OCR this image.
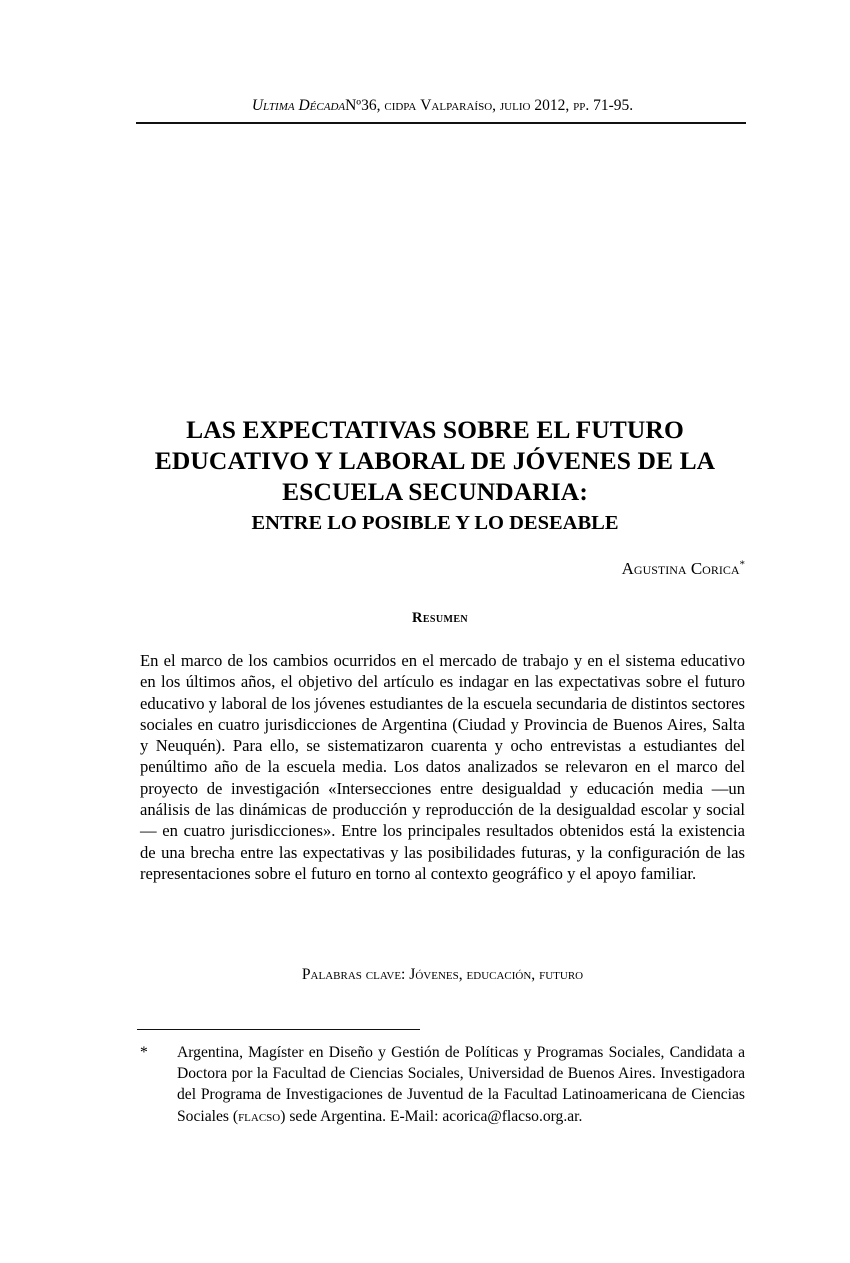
Ultima DécadaNº36, cidpa Valparaíso, julio 2012, pp. 71-95.
LAS EXPECTATIVAS SOBRE EL FUTURO
EDUCATIVO Y LABORAL DE JÓVENES DE LA
ESCUELA SECUNDARIA:
ENTRE LO POSIBLE Y LO DESEABLE
Agustina Corica*
Resumen
En el marco de los cambios ocurridos en el mercado de trabajo y en el sistema educativo en los últimos años, el objetivo del artículo es indagar en las expectativas sobre el futuro educativo y laboral de los jóvenes estudiantes de la escuela secundaria de distintos sectores sociales en cuatro jurisdicciones de Argentina (Ciudad y Provincia de Buenos Aires, Salta y Neuquén). Para ello, se sistematizaron cuarenta y ocho entrevistas a estudiantes del penúltimo año de la escuela media. Los datos analizados se relevaron en el marco del proyecto de investigación «Intersecciones entre desigualdad y educación media —un análisis de las dinámicas de producción y reproducción de la desigualdad escolar y social— en cuatro jurisdicciones». Entre los principales resultados obtenidos está la existencia de una brecha entre las expectativas y las posibilidades futuras, y la configuración de las representaciones sobre el futuro en torno al contexto geográfico y el apoyo familiar.
Palabras clave: Jóvenes, educación, futuro
*	Argentina, Magíster en Diseño y Gestión de Políticas y Programas Sociales, Candidata a Doctora por la Facultad de Ciencias Sociales, Universidad de Buenos Aires. Investigadora del Programa de Investigaciones de Juventud de la Facultad Latinoamericana de Ciencias Sociales (flacso) sede Argentina. E-Mail: acorica@flacso.org.ar.
